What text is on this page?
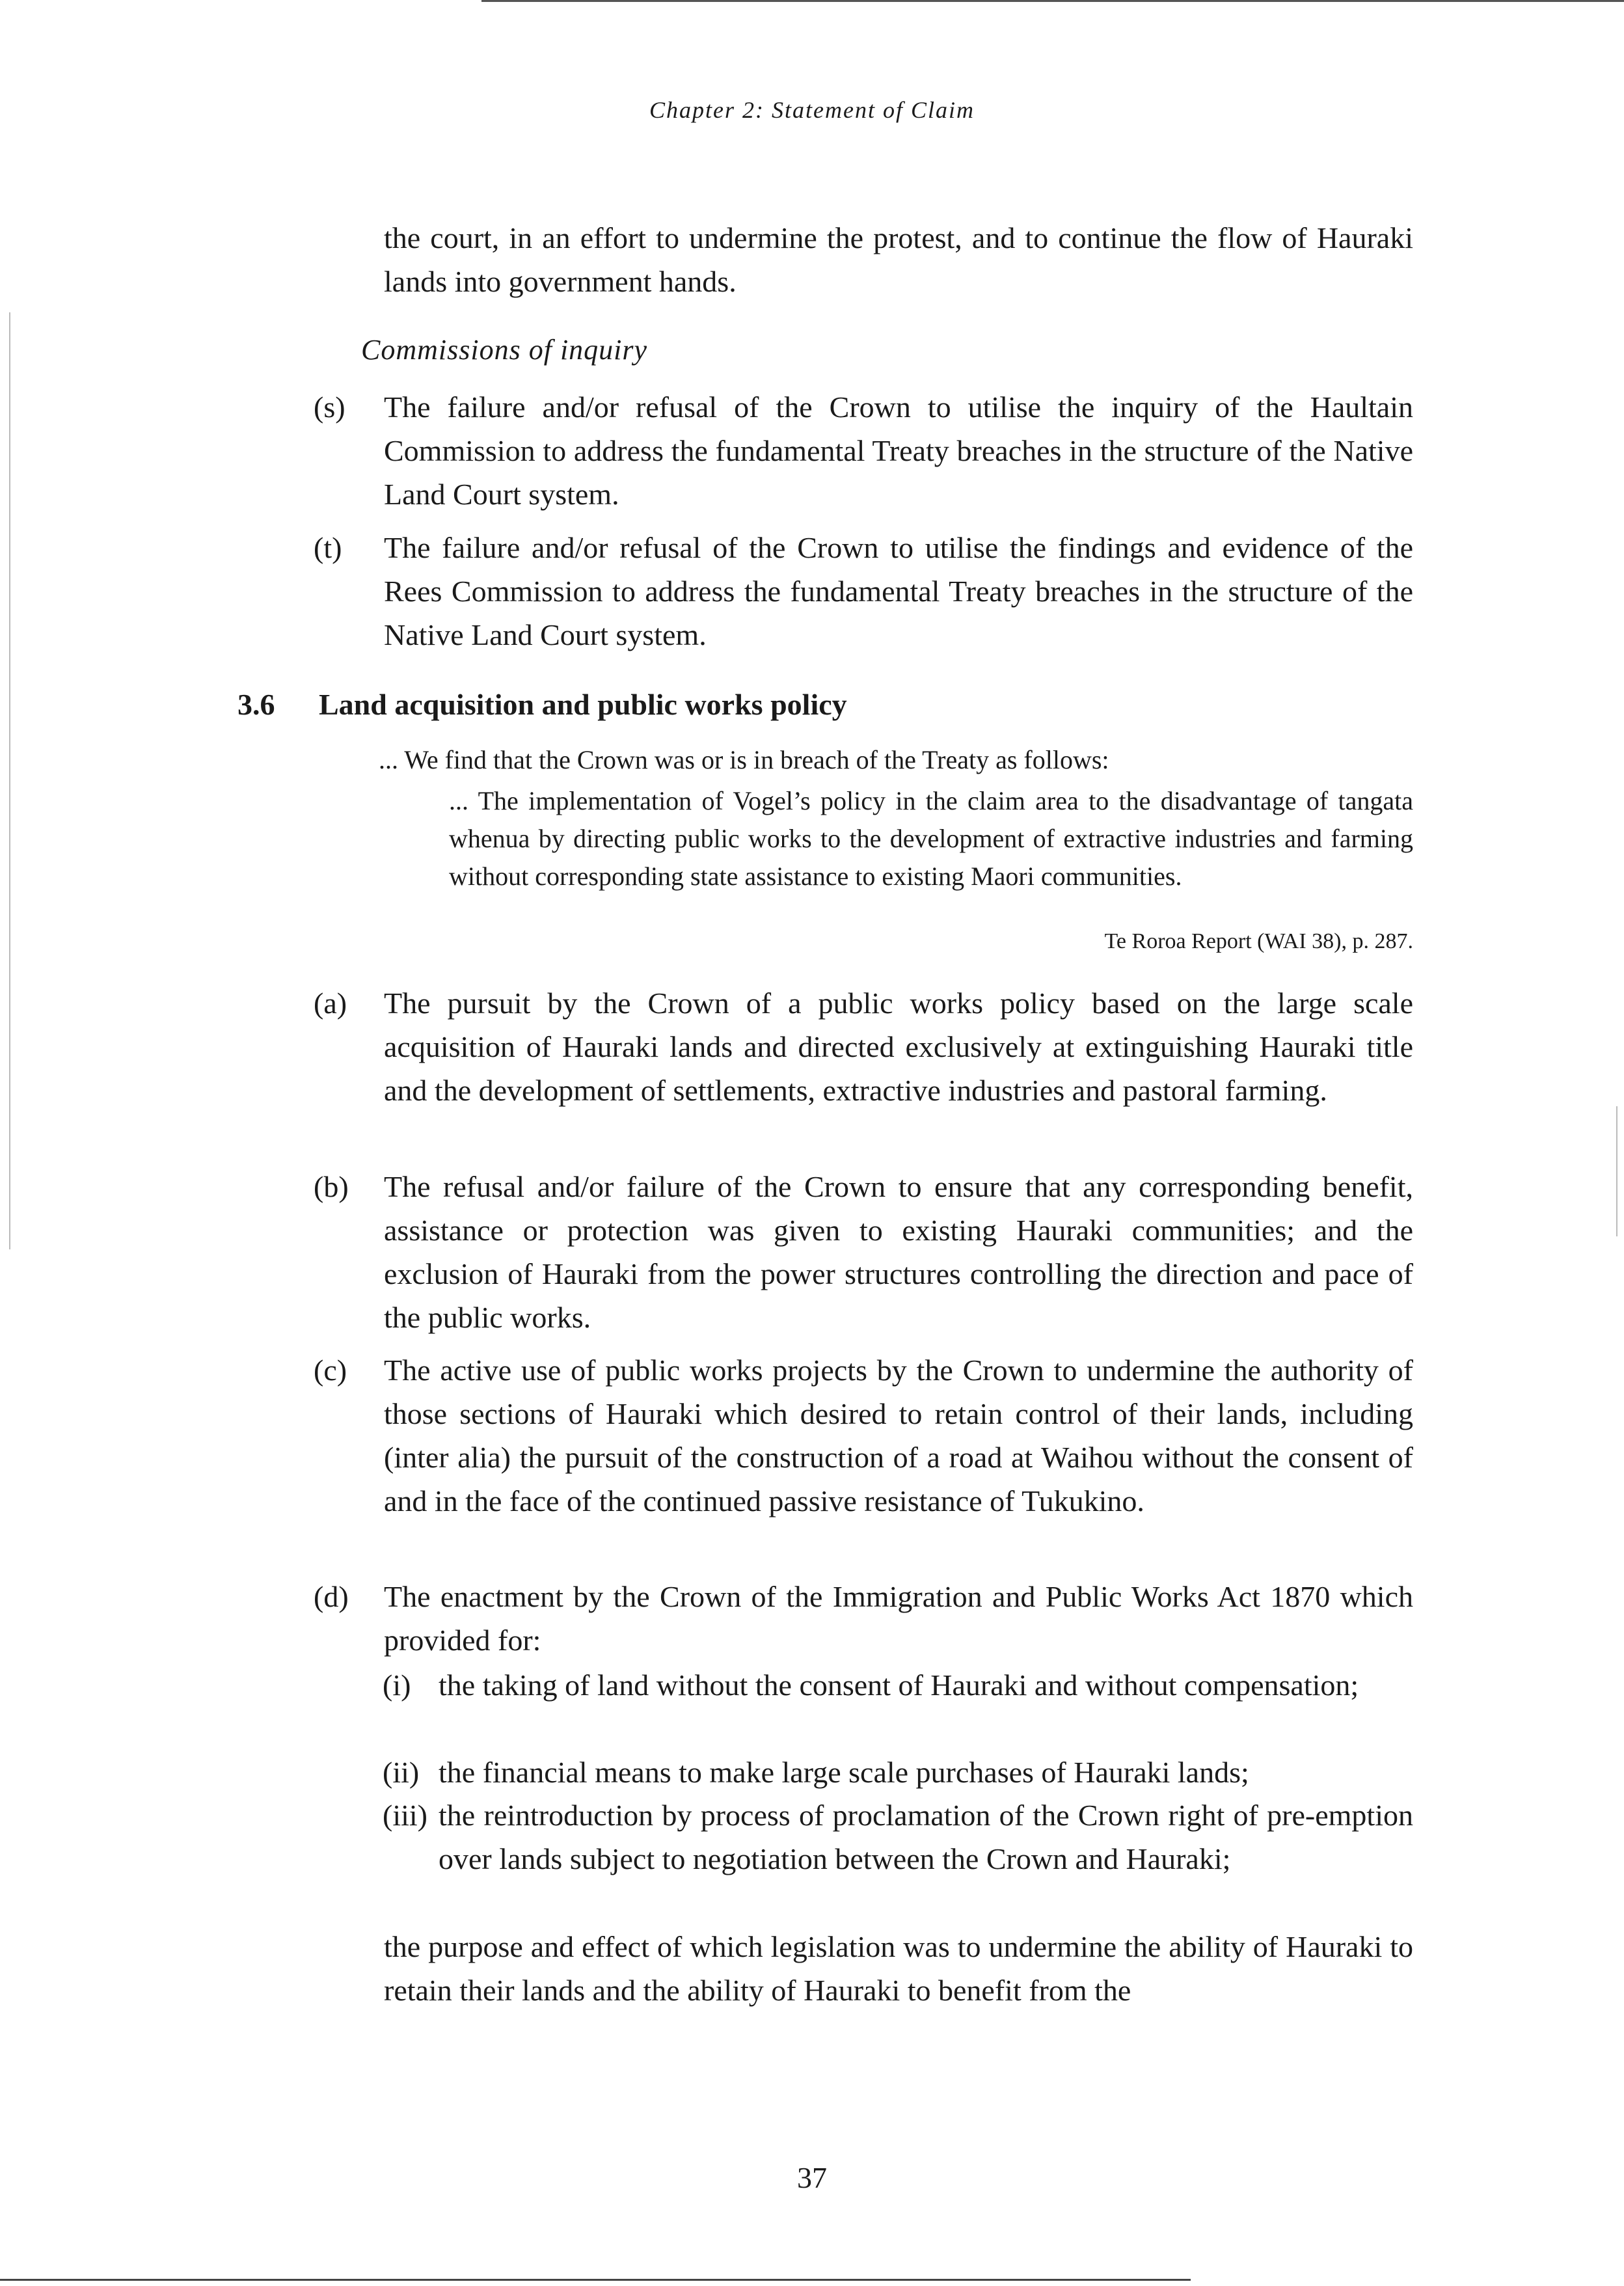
Chapter 2: Statement of Claim

the court, in an effort to undermine the protest, and to continue the flow of Hauraki lands into government hands.

Commissions of inquiry
(s) The failure and/or refusal of the Crown to utilise the inquiry of the Haultain Commission to address the fundamental Treaty breaches in the structure of the Native Land Court system.
(t) The failure and/or refusal of the Crown to utilise the findings and evidence of the Rees Commission to address the fundamental Treaty breaches in the structure of the Native Land Court system.
3.6 Land acquisition and public works policy
... We find that the Crown was or is in breach of the Treaty as follows:
... The implementation of Vogel’s policy in the claim area to the disadvantage of tangata whenua by directing public works to the development of extractive industries and farming without corresponding state assistance to existing Maori communities.
Te Roroa Report (WAI 38), p. 287.
(a) The pursuit by the Crown of a public works policy based on the large scale acquisition of Hauraki lands and directed exclusively at extinguishing Hauraki title and the development of settlements, extractive industries and pastoral farming.
(b) The refusal and/or failure of the Crown to ensure that any corresponding benefit, assistance or protection was given to existing Hauraki communities; and the exclusion of Hauraki from the power structures controlling the direction and pace of the public works.
(c) The active use of public works projects by the Crown to undermine the authority of those sections of Hauraki which desired to retain control of their lands, including (inter alia) the pursuit of the construction of a road at Waihou without the consent of and in the face of the continued passive resistance of Tukukino.
(d) The enactment by the Crown of the Immigration and Public Works Act 1870 which provided for:
(i) the taking of land without the consent of Hauraki and without compensation;
(ii) the financial means to make large scale purchases of Hauraki lands;
(iii) the reintroduction by process of proclamation of the Crown right of pre-emption over lands subject to negotiation between the Crown and Hauraki;

the purpose and effect of which legislation was to undermine the ability of Hauraki to retain their lands and the ability of Hauraki to benefit from the

37
